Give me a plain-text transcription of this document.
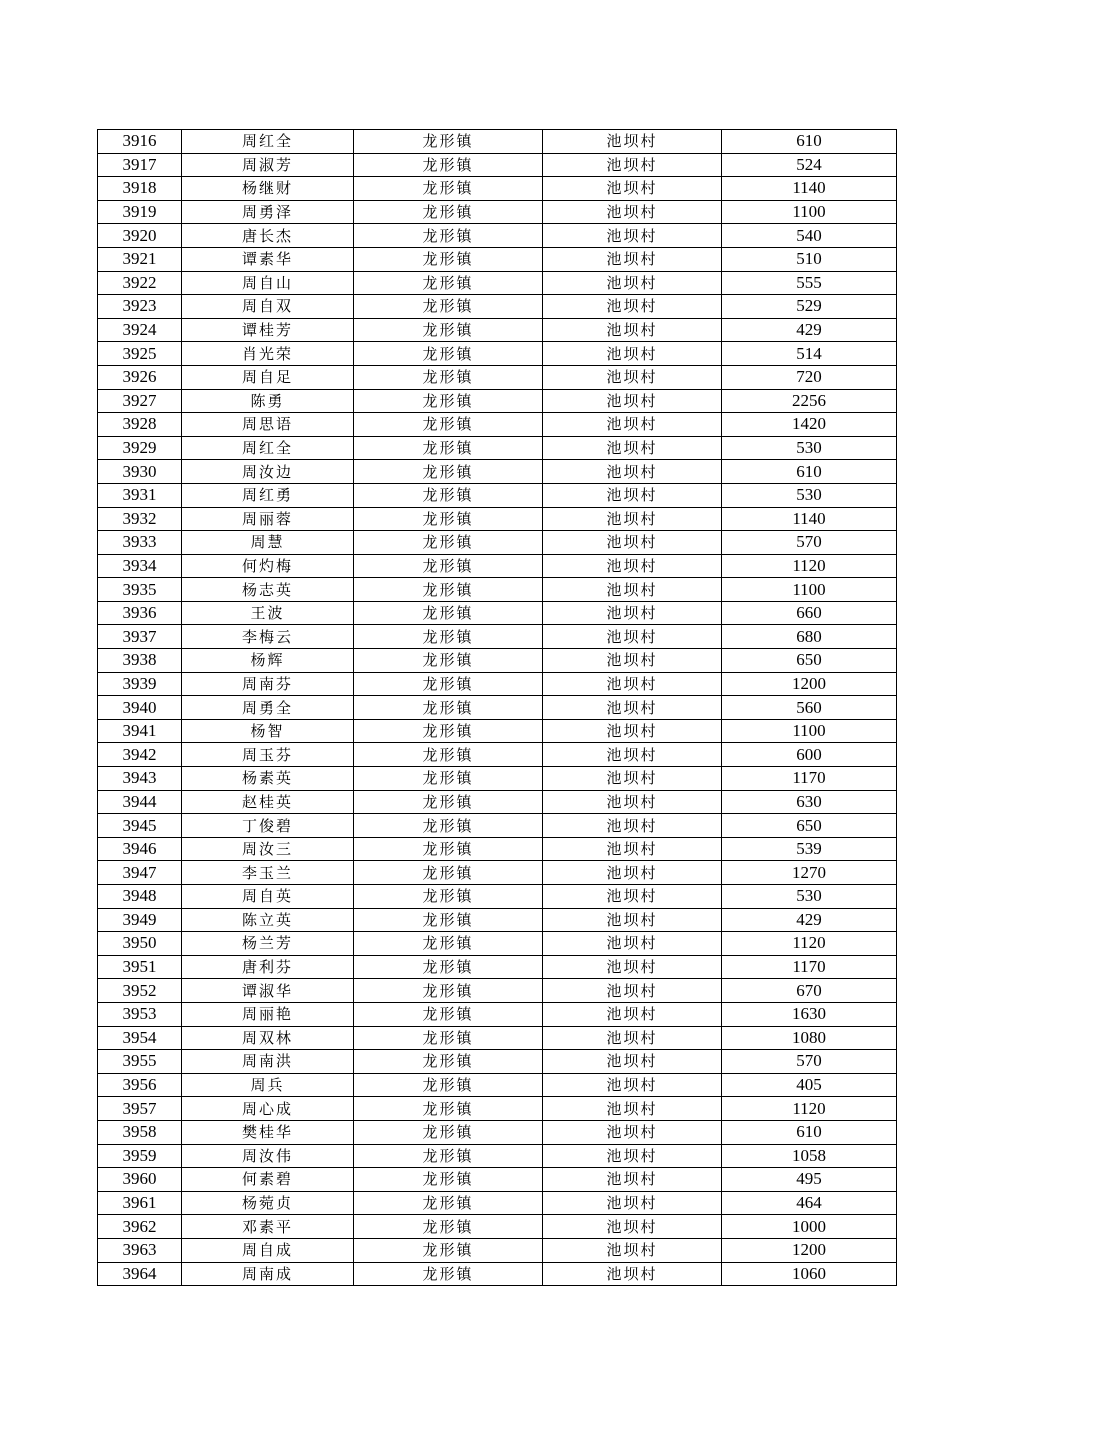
3916	周红全	龙形镇	池坝村	610
3917	周淑芳	龙形镇	池坝村	524
3918	杨继财	龙形镇	池坝村	1140
3919	周勇泽	龙形镇	池坝村	1100
3920	唐长杰	龙形镇	池坝村	540
3921	谭素华	龙形镇	池坝村	510
3922	周自山	龙形镇	池坝村	555
3923	周自双	龙形镇	池坝村	529
3924	谭桂芳	龙形镇	池坝村	429
3925	肖光荣	龙形镇	池坝村	514
3926	周自足	龙形镇	池坝村	720
3927	陈勇	龙形镇	池坝村	2256
3928	周思语	龙形镇	池坝村	1420
3929	周红全	龙形镇	池坝村	530
3930	周汝边	龙形镇	池坝村	610
3931	周红勇	龙形镇	池坝村	530
3932	周丽蓉	龙形镇	池坝村	1140
3933	周慧	龙形镇	池坝村	570
3934	何灼梅	龙形镇	池坝村	1120
3935	杨志英	龙形镇	池坝村	1100
3936	王波	龙形镇	池坝村	660
3937	李梅云	龙形镇	池坝村	680
3938	杨辉	龙形镇	池坝村	650
3939	周南芬	龙形镇	池坝村	1200
3940	周勇全	龙形镇	池坝村	560
3941	杨智	龙形镇	池坝村	1100
3942	周玉芬	龙形镇	池坝村	600
3943	杨素英	龙形镇	池坝村	1170
3944	赵桂英	龙形镇	池坝村	630
3945	丁俊碧	龙形镇	池坝村	650
3946	周汝三	龙形镇	池坝村	539
3947	李玉兰	龙形镇	池坝村	1270
3948	周自英	龙形镇	池坝村	530
3949	陈立英	龙形镇	池坝村	429
3950	杨兰芳	龙形镇	池坝村	1120
3951	唐利芬	龙形镇	池坝村	1170
3952	谭淑华	龙形镇	池坝村	670
3953	周丽艳	龙形镇	池坝村	1630
3954	周双林	龙形镇	池坝村	1080
3955	周南洪	龙形镇	池坝村	570
3956	周兵	龙形镇	池坝村	405
3957	周心成	龙形镇	池坝村	1120
3958	樊桂华	龙形镇	池坝村	610
3959	周汝伟	龙形镇	池坝村	1058
3960	何素碧	龙形镇	池坝村	495
3961	杨菀贞	龙形镇	池坝村	464
3962	邓素平	龙形镇	池坝村	1000
3963	周自成	龙形镇	池坝村	1200
3964	周南成	龙形镇	池坝村	1060
